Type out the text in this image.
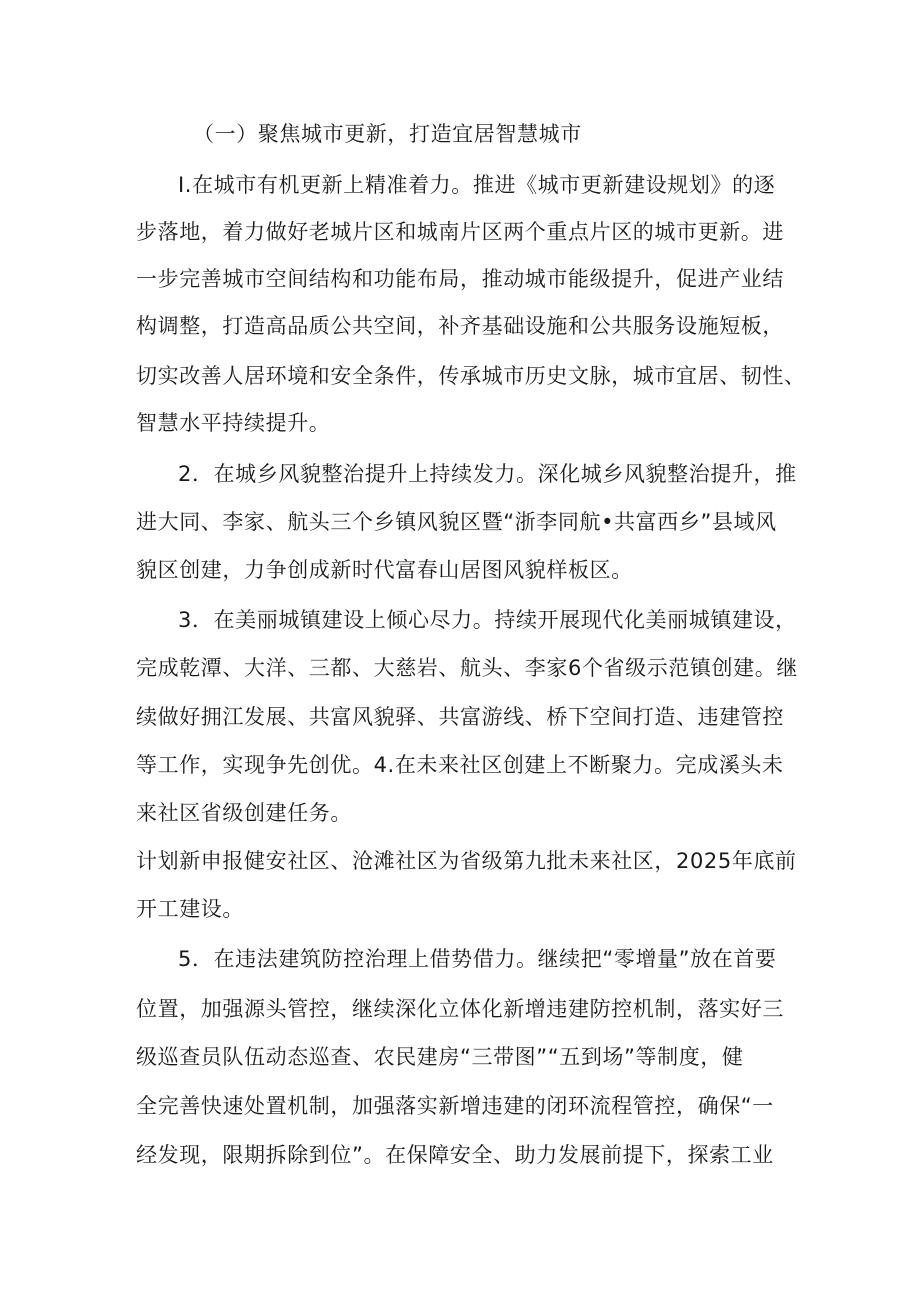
（一）聚焦城市更新，打造宜居智慧城市
I.在城市有机更新上精准着力。推进《城市更新建设规划》的逐
步落地，着力做好老城片区和城南片区两个重点片区的城市更新。进
一步完善城市空间结构和功能布局，推动城市能级提升，促进产业结
构调整，打造高品质公共空间，补齐基础设施和公共服务设施短板，
切实改善人居环境和安全条件，传承城市历史文脉，城市宜居、韧性、
智慧水平持续提升。
2．在城乡风貌整治提升上持续发力。深化城乡风貌整治提升，推
进大同、李家、航头三个乡镇风貌区暨“浙李同航•共富西乡”县域风
貌区创建，力争创成新时代富春山居图风貌样板区。
3．在美丽城镇建设上倾心尽力。持续开展现代化美丽城镇建设，
完成乾潭、大洋、三都、大慈岩、航头、李家6个省级示范镇创建。继
续做好拥江发展、共富风貌驿、共富游线、桥下空间打造、违建管控
等工作，实现争先创优。4.在未来社区创建上不断聚力。完成溪头未
来社区省级创建任务。
计划新申报健安社区、沧滩社区为省级第九批未来社区，2025年底前
开工建设。
5．在违法建筑防控治理上借势借力。继续把“零增量”放在首要
位置，加强源头管控，继续深化立体化新增违建防控机制，落实好三
级巡查员队伍动态巡查、农民建房“三带图”“五到场”等制度，健
全完善快速处置机制，加强落实新增违建的闭环流程管控，确保“一
经发现，限期拆除到位”。在保障安全、助力发展前提下，探索工业
